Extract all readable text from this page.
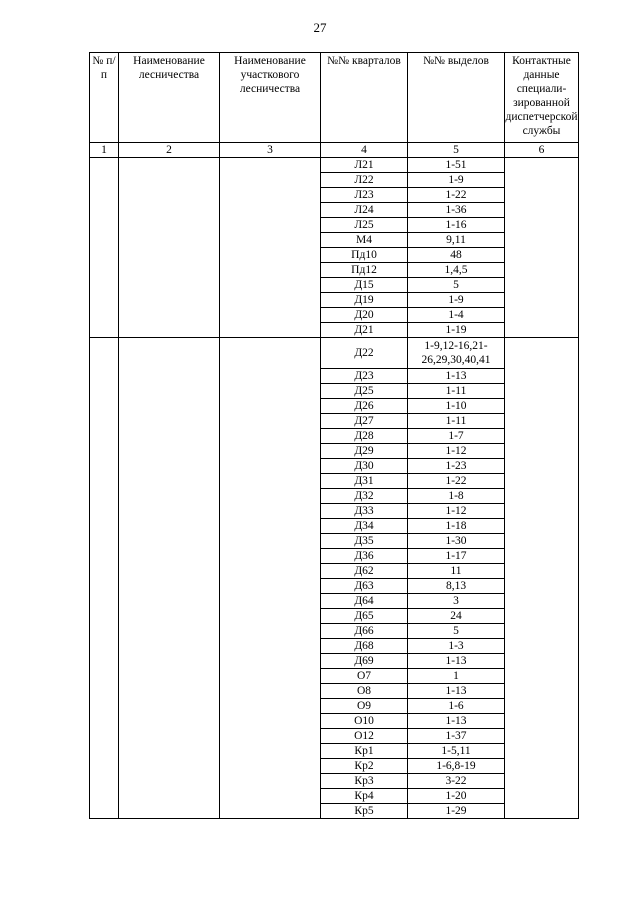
27
№ п/п	Наименование лесничества	Наименование участкового лесничества	№№ кварталов	№№ выделов	Контактные данные специали-зированной диспетчерской службы
1	2	3	4	5	6
			Л21	1-51	
			Л22	1-9	
			Л23	1-22	
			Л24	1-36	
			Л25	1-16	
			М4	9,11	
			Пд10	48	
			Пд12	1,4,5	
			Д15	5	
			Д19	1-9	
			Д20	1-4	
			Д21	1-19	
			Д22	1-9,12-16,21-26,29,30,40,41	
			Д23	1-13	
			Д25	1-11	
			Д26	1-10	
			Д27	1-11	
			Д28	1-7	
			Д29	1-12	
			Д30	1-23	
			Д31	1-22	
			Д32	1-8	
			Д33	1-12	
			Д34	1-18	
			Д35	1-30	
			Д36	1-17	
			Д62	11	
			Д63	8,13	
			Д64	3	
			Д65	24	
			Д66	5	
			Д68	1-3	
			Д69	1-13	
			О7	1	
			О8	1-13	
			О9	1-6	
			О10	1-13	
			О12	1-37	
			Кр1	1-5,11	
			Кр2	1-6,8-19	
			Кр3	3-22	
			Кр4	1-20	
			Кр5	1-29	
